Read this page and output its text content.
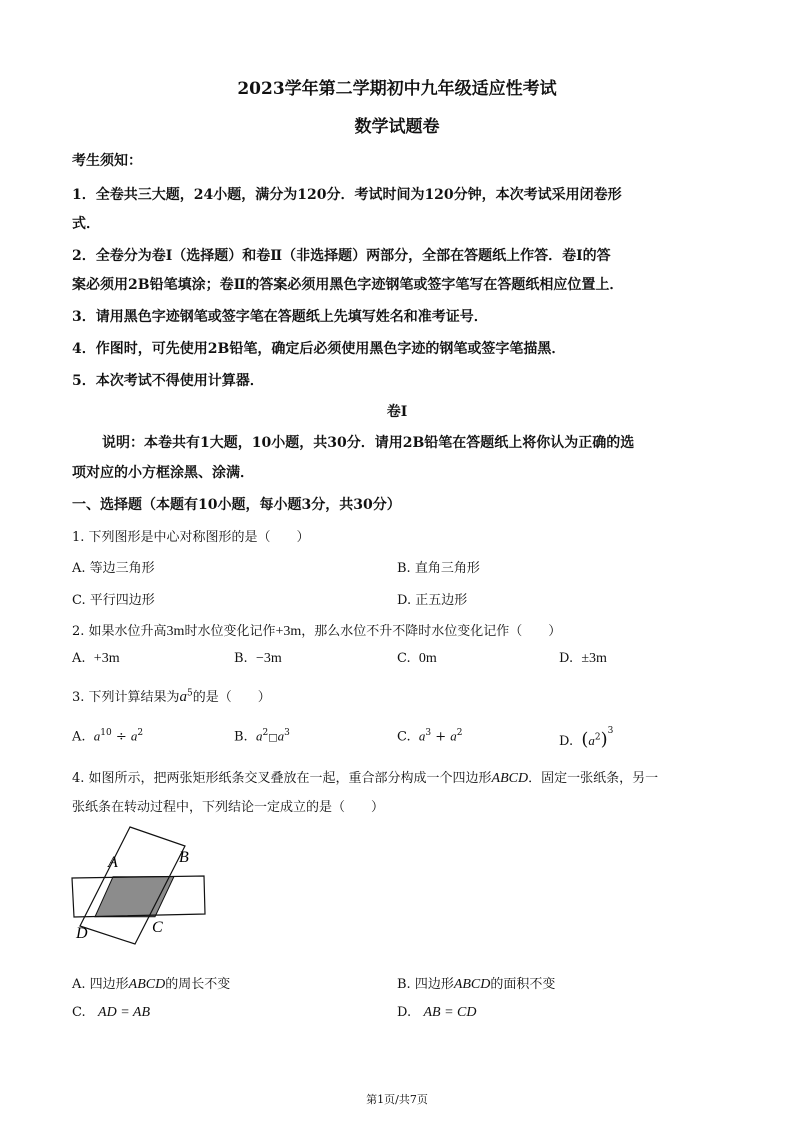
2023学年第二学期初中九年级适应性考试
数学试题卷
考生须知：
1．全卷共三大题，24小题，满分为120分．考试时间为120分钟，本次考试采用闭卷形
式．
2．全卷分为卷Ⅰ（选择题）和卷Ⅱ（非选择题）两部分，全部在答题纸上作答．卷Ⅰ的答
案必须用2B铅笔填涂；卷Ⅱ的答案必须用黑色字迹钢笔或签字笔写在答题纸相应位置上．
3．请用黑色字迹钢笔或签字笔在答题纸上先填写姓名和准考证号．
4．作图时，可先使用2B铅笔，确定后必须使用黑色字迹的钢笔或签字笔描黑．
5．本次考试不得使用计算器．
卷Ⅰ
说明：本卷共有1大题，10小题，共30分．请用2B铅笔在答题纸上将你认为正确的选
项对应的小方框涂黑、涂满．
一、选择题（本题有10小题，每小题3分，共30分）
1. 下列图形是中心对称图形的是（　　）
A. 等边三角形	B. 直角三角形
C. 平行四边形	D. 正五边形
2. 如果水位升高3m时水位变化记作+3m，那么水位不升不降时水位变化记作（　　）
A. +3m	B. −3m	C. 0m	D. ±3m
3. 下列计算结果为$a^5$的是（　　）
A. $a^{10} \div a^2$	B. $a^2□a^3$	C. $a^3 + a^2$
D. $(a^2)^3$
4. 如图所示，把两张矩形纸条交叉叠放在一起，重合部分构成一个四边形ABCD．固定一张纸条，另一
张纸条在转动过程中，下列结论一定成立的是（　　）
A	B
C
D
A. 四边形ABCD的周长不变	B. 四边形ABCD的面积不变
C. AD = AB	D. AB = CD
第1页/共7页
